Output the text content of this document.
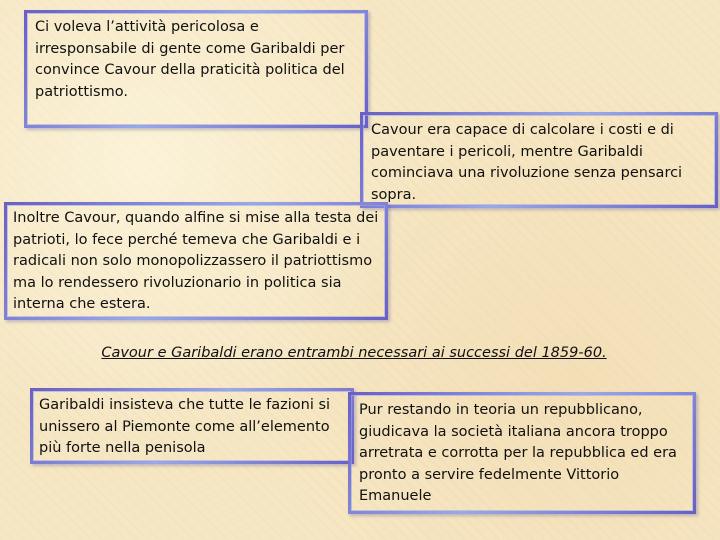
Ci voleva l’attività pericolosa e irresponsabile di gente come Garibaldi per convince Cavour della praticità politica del patriottismo.
Cavour era capace di calcolare i costi e di paventare i pericoli, mentre Garibaldi cominciava una rivoluzione senza pensarci sopra.
Inoltre Cavour, quando alfine si mise alla testa dei patrioti, lo fece perché temeva che Garibaldi e i radicali non solo monopolizzassero il patriottismo ma lo rendessero rivoluzionario in politica sia interna che estera.
Cavour e Garibaldi erano entrambi necessari ai successi del 1859-60.
Garibaldi insisteva che tutte le fazioni si unissero al Piemonte come all’elemento più forte nella penisola
Pur restando in teoria un repubblicano, giudicava la società italiana ancora troppo arretrata e corrotta per la repubblica ed era pronto a servire fedelmente Vittorio Emanuele
